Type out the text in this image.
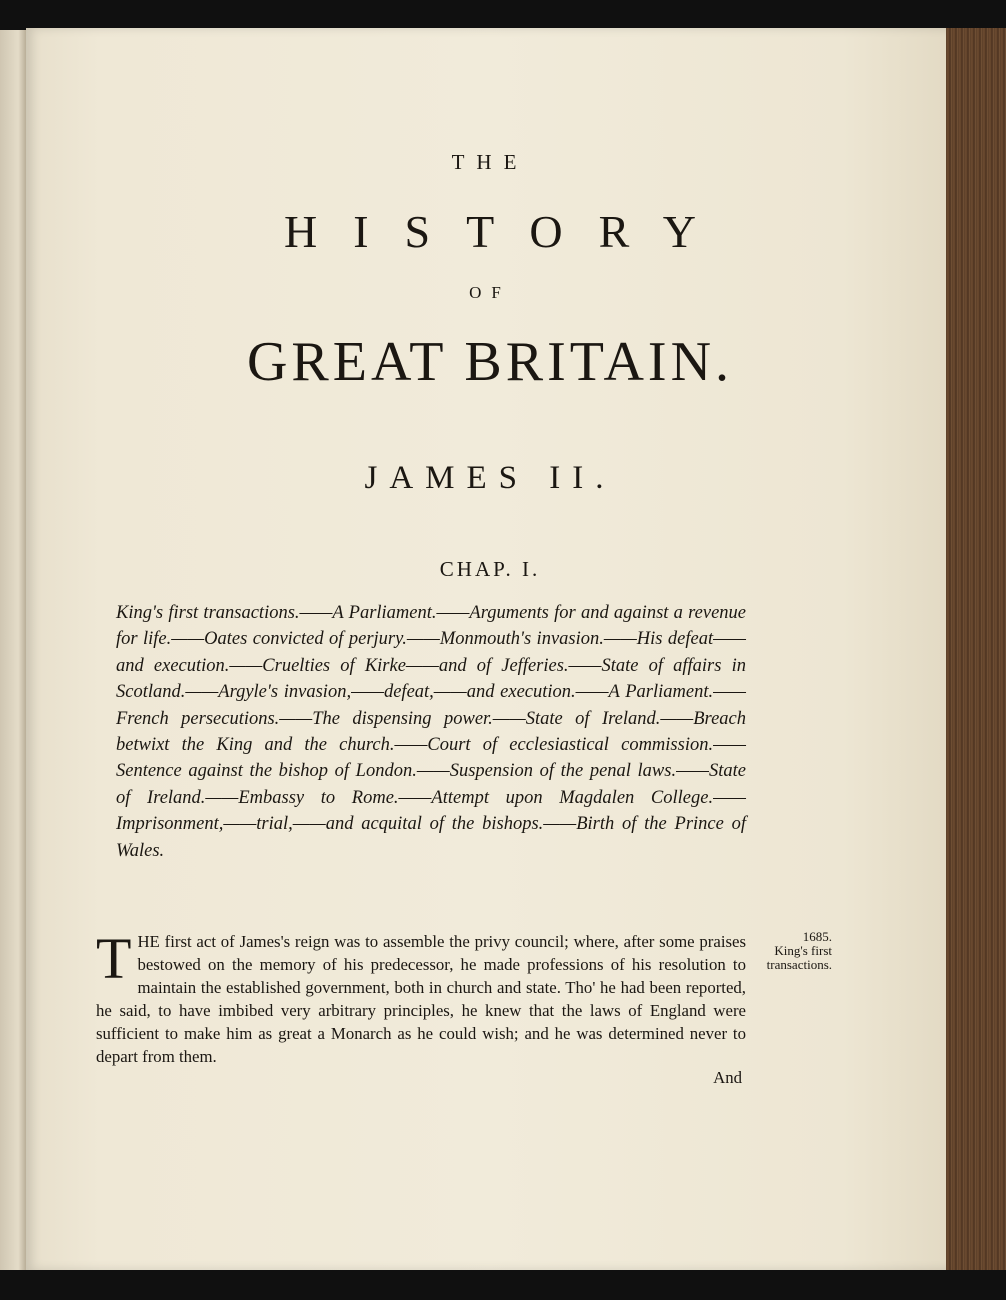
THE
HISTORY
OF
GREAT BRITAIN.
JAMES II.
CHAP. I.
King's first transactions.——A Parliament.——Arguments for and against a revenue for life.——Oates convicted of perjury.——Monmouth's invasion.——His defeat——and execution.——Cruelties of Kirke——and of Jefferies.——State of affairs in Scotland.——Argyle's invasion,——defeat,——and execution.——A Parliament.——French persecutions.——The dispensing power.——State of Ireland.——Breach betwixt the King and the church.——Court of ecclesiastical commission.——Sentence against the bishop of London.——Suspension of the penal laws.——State of Ireland.——Embassy to Rome.——Attempt upon Magdalen College.——Imprisonment,——trial,——and acquital of the bishops.——Birth of the Prince of Wales.
THE first act of James's reign was to assemble the privy council; where, after some praises bestowed on the memory of his predecessor, he made professions of his resolution to maintain the established government, both in church and state. Tho' he had been reported, he said, to have imbibed very arbitrary principles, he knew that the laws of England were sufficient to make him as great a Monarch as he could wish; and he was determined never to depart from them.
1685.
King's first transactions.
And
